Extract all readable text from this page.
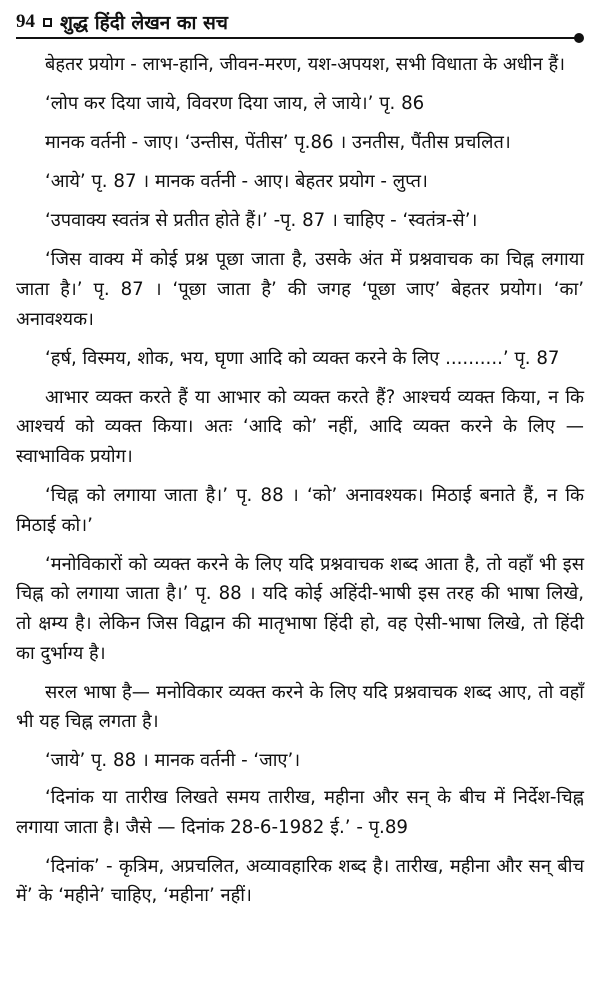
94 शुद्ध हिंदी लेखन का सच

बेहतर प्रयोग - लाभ-हानि, जीवन-मरण, यश-अपयश, सभी विधाता के अधीन हैं।

‘लोप कर दिया जाये, विवरण दिया जाय, ले जाये।’ पृ. 86

मानक वर्तनी - जाए। ‘उन्तीस, पेंतीस’ पृ.86 । उनतीस, पैंतीस प्रचलित।

‘आये’ पृ. 87 । मानक वर्तनी - आए। बेहतर प्रयोग - लुप्त।

‘उपवाक्य स्वतंत्र से प्रतीत होते हैं।’ -पृ. 87 । चाहिए - ‘स्वतंत्र-से’।

‘जिस वाक्य में कोई प्रश्न पूछा जाता है, उसके अंत में प्रश्नवाचक का चिह्न लगाया जाता है।’ पृ. 87 । ‘पूछा जाता है’ की जगह ‘पूछा जाए’ बेहतर प्रयोग। ‘का’ अनावश्यक।

‘हर्ष, विस्मय, शोक, भय, घृणा आदि को व्यक्त करने के लिए ..........’ पृ. 87

आभार व्यक्त करते हैं या आभार को व्यक्त करते हैं? आश्चर्य व्यक्त किया, न कि आश्चर्य को व्यक्त किया। अतः ‘आदि को’ नहीं, आदि व्यक्त करने के लिए — स्वाभाविक प्रयोग।

‘चिह्न को लगाया जाता है।’ पृ. 88 । ‘को’ अनावश्यक। मिठाई बनाते हैं, न कि मिठाई को।’

‘मनोविकारों को व्यक्त करने के लिए यदि प्रश्नवाचक शब्द आता है, तो वहाँ भी इस चिह्न को लगाया जाता है।’ पृ. 88 । यदि कोई अहिंदी-भाषी इस तरह की भाषा लिखे, तो क्षम्य है। लेकिन जिस विद्वान की मातृभाषा हिंदी हो, वह ऐसी-भाषा लिखे, तो हिंदी का दुर्भाग्य है।

सरल भाषा है— मनोविकार व्यक्त करने के लिए यदि प्रश्नवाचक शब्द आए, तो वहाँ भी यह चिह्न लगता है।

‘जाये’ पृ. 88 । मानक वर्तनी - ‘जाए’।

‘दिनांक या तारीख लिखते समय तारीख, महीना और सन् के बीच में निर्देश-चिह्न लगाया जाता है। जैसे — दिनांक 28-6-1982 ई.’ - पृ.89

‘दिनांक’ - कृत्रिम, अप्रचलित, अव्यावहारिक शब्द है। तारीख, महीना और सन् बीच में’ के ‘महीने’ चाहिए, ‘महीना’ नहीं।
